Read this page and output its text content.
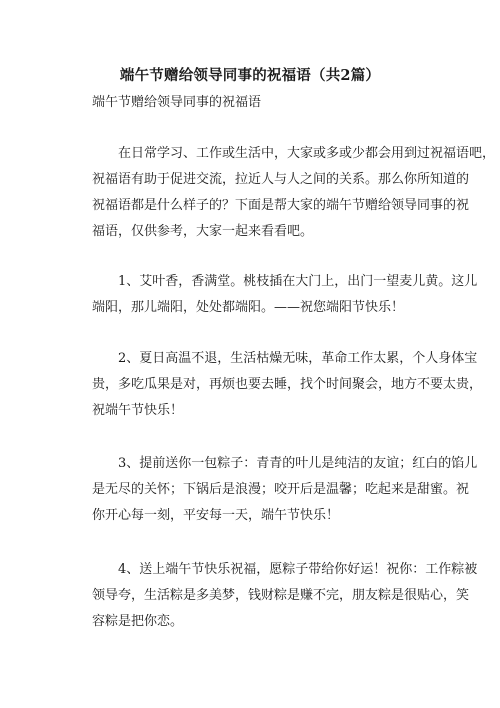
端午节赠给领导同事的祝福语（共2篇）
端午节赠给领导同事的祝福语
　　在日常学习、工作或生活中，大家或多或少都会用到过祝福语吧，
祝福语有助于促进交流，拉近人与人之间的关系。那么你所知道的
祝福语都是什么样子的？下面是帮大家的端午节赠给领导同事的祝
福语，仅供参考，大家一起来看看吧。
　　1、艾叶香，香满堂。桃枝插在大门上，出门一望麦儿黄。这儿
端阳，那儿端阳，处处都端阳。——祝您端阳节快乐！
　　2、夏日高温不退，生活枯燥无味，革命工作太累，个人身体宝
贵，多吃瓜果是对，再烦也要去睡，找个时间聚会，地方不要太贵，
祝端午节快乐！
　　3、提前送你一包粽子：青青的叶儿是纯洁的友谊；红白的馅儿
是无尽的关怀；下锅后是浪漫；咬开后是温馨；吃起来是甜蜜。祝
你开心每一刻，平安每一天，端午节快乐！
　　4、送上端午节快乐祝福，愿粽子带给你好运！祝你：工作粽被
领导夸，生活粽是多美梦，钱财粽是赚不完，朋友粽是很贴心，笑
容粽是把你恋。
